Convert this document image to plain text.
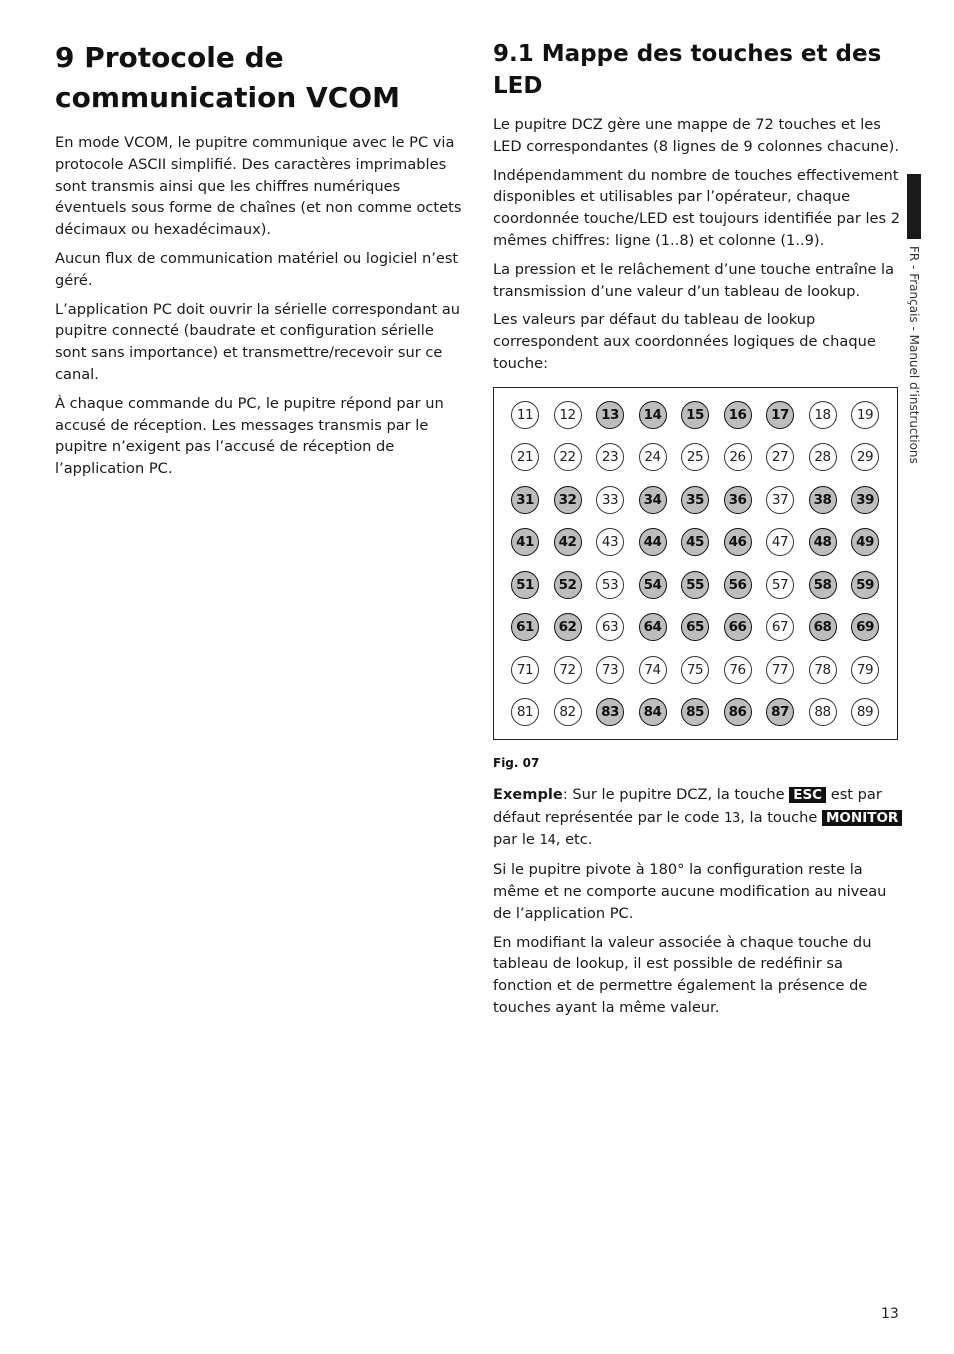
9 Protocole de communication VCOM

En mode VCOM, le pupitre communique avec le PC via protocole ASCII simplifié. Des caractères imprimables sont transmis ainsi que les chiffres numériques éventuels sous forme de chaînes (et non comme octets décimaux ou hexadécimaux).

Aucun flux de communication matériel ou logiciel n’est géré.

L’application PC doit ouvrir la sérielle correspondant au pupitre connecté (baudrate et configuration sérielle sont sans importance) et transmettre/recevoir sur ce canal.

À chaque commande du PC, le pupitre répond par un accusé de réception. Les messages transmis par le pupitre n’exigent pas l’accusé de réception de l’application PC.

9.1 Mappe des touches et des LED

Le pupitre DCZ gère une mappe de 72 touches et les LED correspondantes (8 lignes de 9 colonnes chacune).

Indépendamment du nombre de touches effectivement disponibles et utilisables par l’opérateur, chaque coordonnée touche/LED est toujours identifiée par les 2 mêmes chiffres: ligne (1..8) et colonne (1..9).

La pression et le relâchement d’une touche entraîne la transmission d’une valeur d’un tableau de lookup.

Les valeurs par défaut du tableau de lookup correspondent aux coordonnées logiques de chaque touche:

11	12	13	14	15	16	17	18	19
21	22	23	24	25	26	27	28	29
31	32	33	34	35	36	37	38	39
41	42	43	44	45	46	47	48	49
51	52	53	54	55	56	57	58	59
61	62	63	64	65	66	67	68	69
71	72	73	74	75	76	77	78	79
81	82	83	84	85	86	87	88	89
Fig. 07

Exemple: Sur le pupitre DCZ, la touche ESC est par défaut représentée par le code 13, la touche MONITOR par le 14, etc.

Si le pupitre pivote à 180° la configuration reste la même et ne comporte aucune modification au niveau de l’application PC.

En modifiant la valeur associée à chaque touche du tableau de lookup, il est possible de redéfinir sa fonction et de permettre également la présence de touches ayant la même valeur.

FR - Français - Manuel d’instructions
13
